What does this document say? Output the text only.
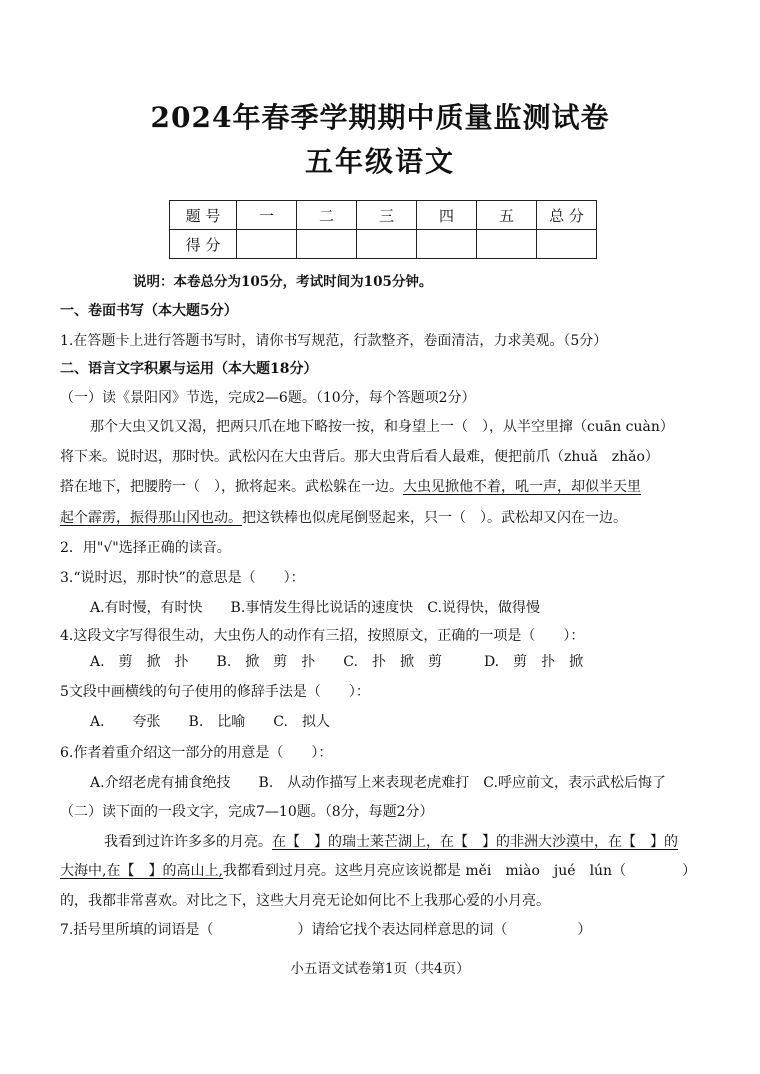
2024年春季学期期中质量监测试卷
五年级语文
题 号	一	二	三	四	五	总 分
得 分						
说明：本卷总分为105分，考试时间为105分钟。
一、卷面书写（本大题5分）
1.在答题卡上进行答题书写时，请你书写规范，行款整齐，卷面清洁，力求美观。（5分）
二、语言文字积累与运用（本大题18分）
（一）读《景阳冈》节选，完成2—6题。（10分，每个答题项2分）
那个大虫又饥又渴，把两只爪在地下略按一按，和身望上一（　），从半空里撺（cuān cuàn）
将下来。说时迟，那时快。武松闪在大虫背后。那大虫背后看人最难，便把前爪（zhuǎ　zhǎo）
搭在地下，把腰胯一（　），掀将起来。武松躲在一边。大虫见掀他不着，吼一声，却似半天里
起个霹雳，振得那山冈也动。把这铁棒也似虎尾倒竖起来，只一（　）。武松却又闪在一边。
2．用"√"选择正确的读音。
3.“说时迟，那时快”的意思是（　　）：
A.有时慢，有时快　　B.事情发生得比说话的速度快　C.说得快，做得慢
4.这段文字写得很生动，大虫伤人的动作有三招，按照原文，正确的一项是（　　）：
A.　剪　掀　扑　　B.　掀　剪　扑　　C.　扑　掀　剪　　　D.　剪　扑　掀
5文段中画横线的句子使用的修辞手法是（　　）：
A.　　夸张　　B.　比喻　　C.　拟人
6.作者着重介绍这一部分的用意是（　　）：
A.介绍老虎有捕食绝技　　B.　从动作描写上来表现老虎难打　C.呼应前文，表示武松后悔了
（二）读下面的一段文字，完成7—10题。（8分，每题2分）
我看到过许许多多的月亮。在【　】的瑞士莱芒湖上，在【　】的非洲大沙漠中，在【　】的
大海中,在【　】的高山上,我都看到过月亮。这些月亮应该说都是 měi　miào　jué　lún（　　　　）
的，我都非常喜欢。对比之下，这些大月亮无论如何比不上我那心爱的小月亮。
7.括号里所填的词语是（　　　　　　）请给它找个表达同样意思的词（　　　　　）
小五语文试卷第1页（共4页）
